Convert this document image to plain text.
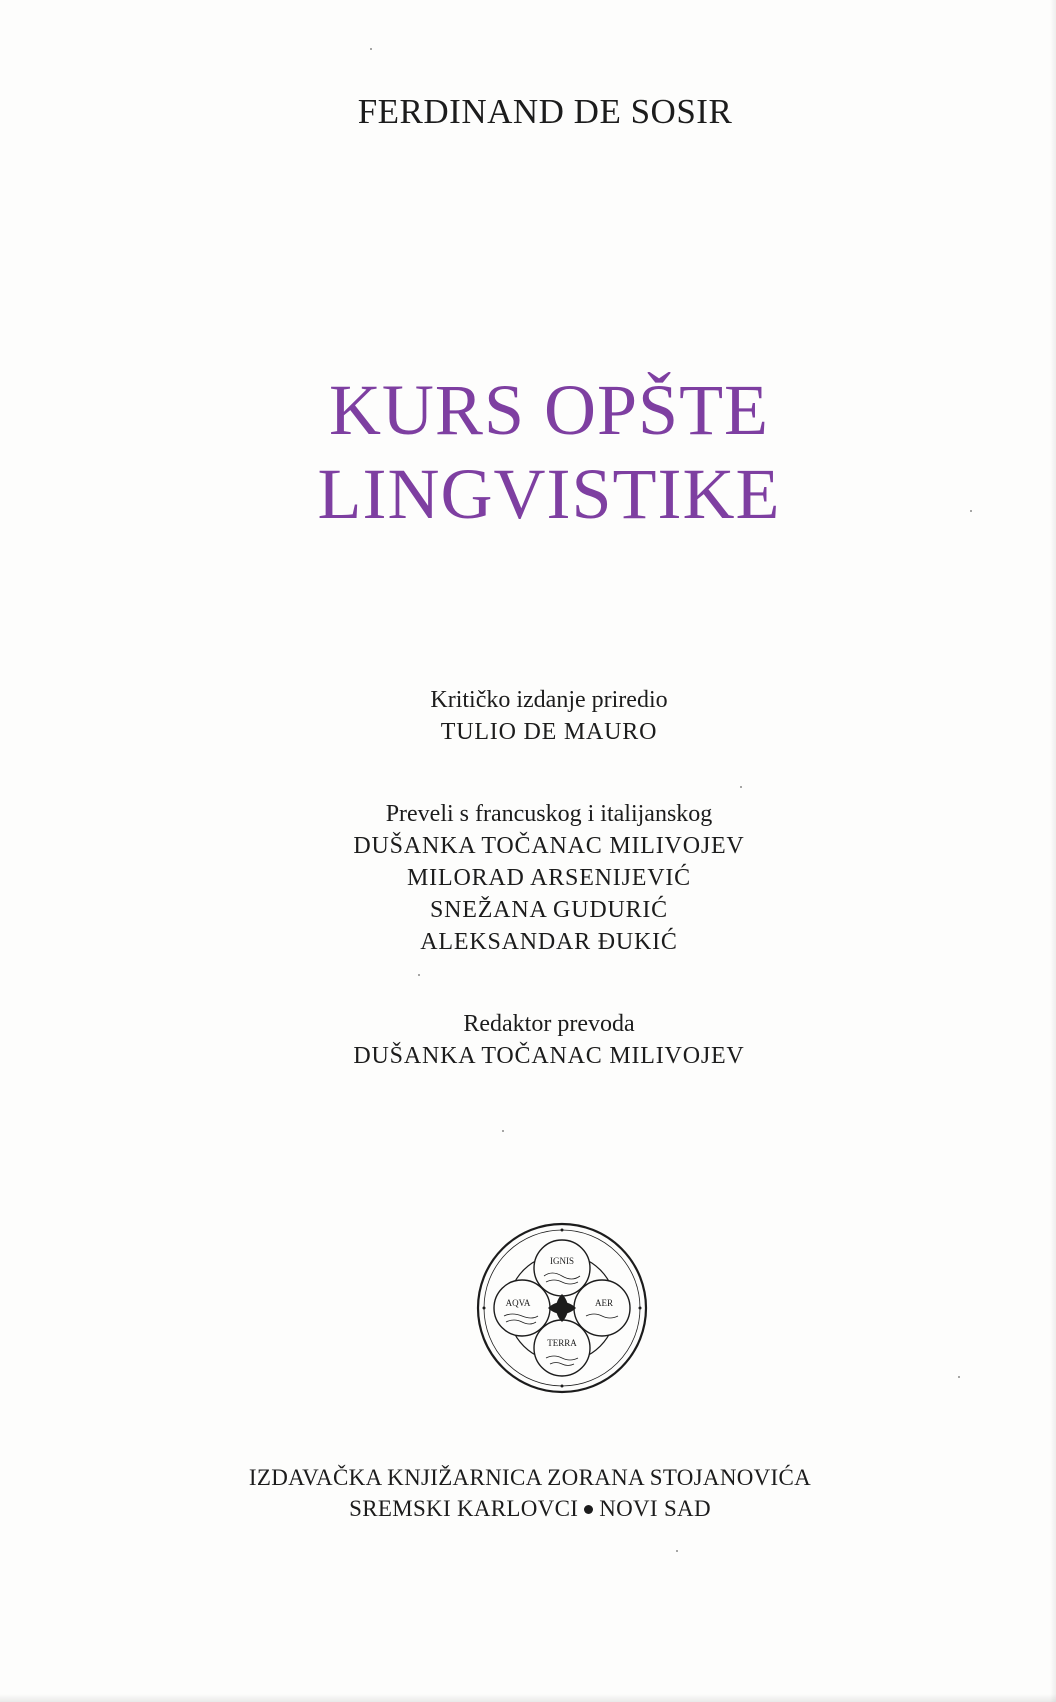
FERDINAND DE SOSIR
KURS OPŠTE
LINGVISTIKE
Kritičko izdanje priredio
TULIO DE MAURO
Preveli s francuskog i italijanskog
DUŠANKA TOČANAC MILIVOJEV
MILORAD ARSENIJEVIĆ
SNEŽANA GUDURIĆ
ALEKSANDAR ĐUKIĆ
Redaktor prevoda
DUŠANKA TOČANAC MILIVOJEV
IGNIS
AQVA	AER
TERRA
IZDAVAČKA KNJIŽARNICA ZORANA STOJANOVIĆA
SREMSKI KARLOVCI NOVI SAD
